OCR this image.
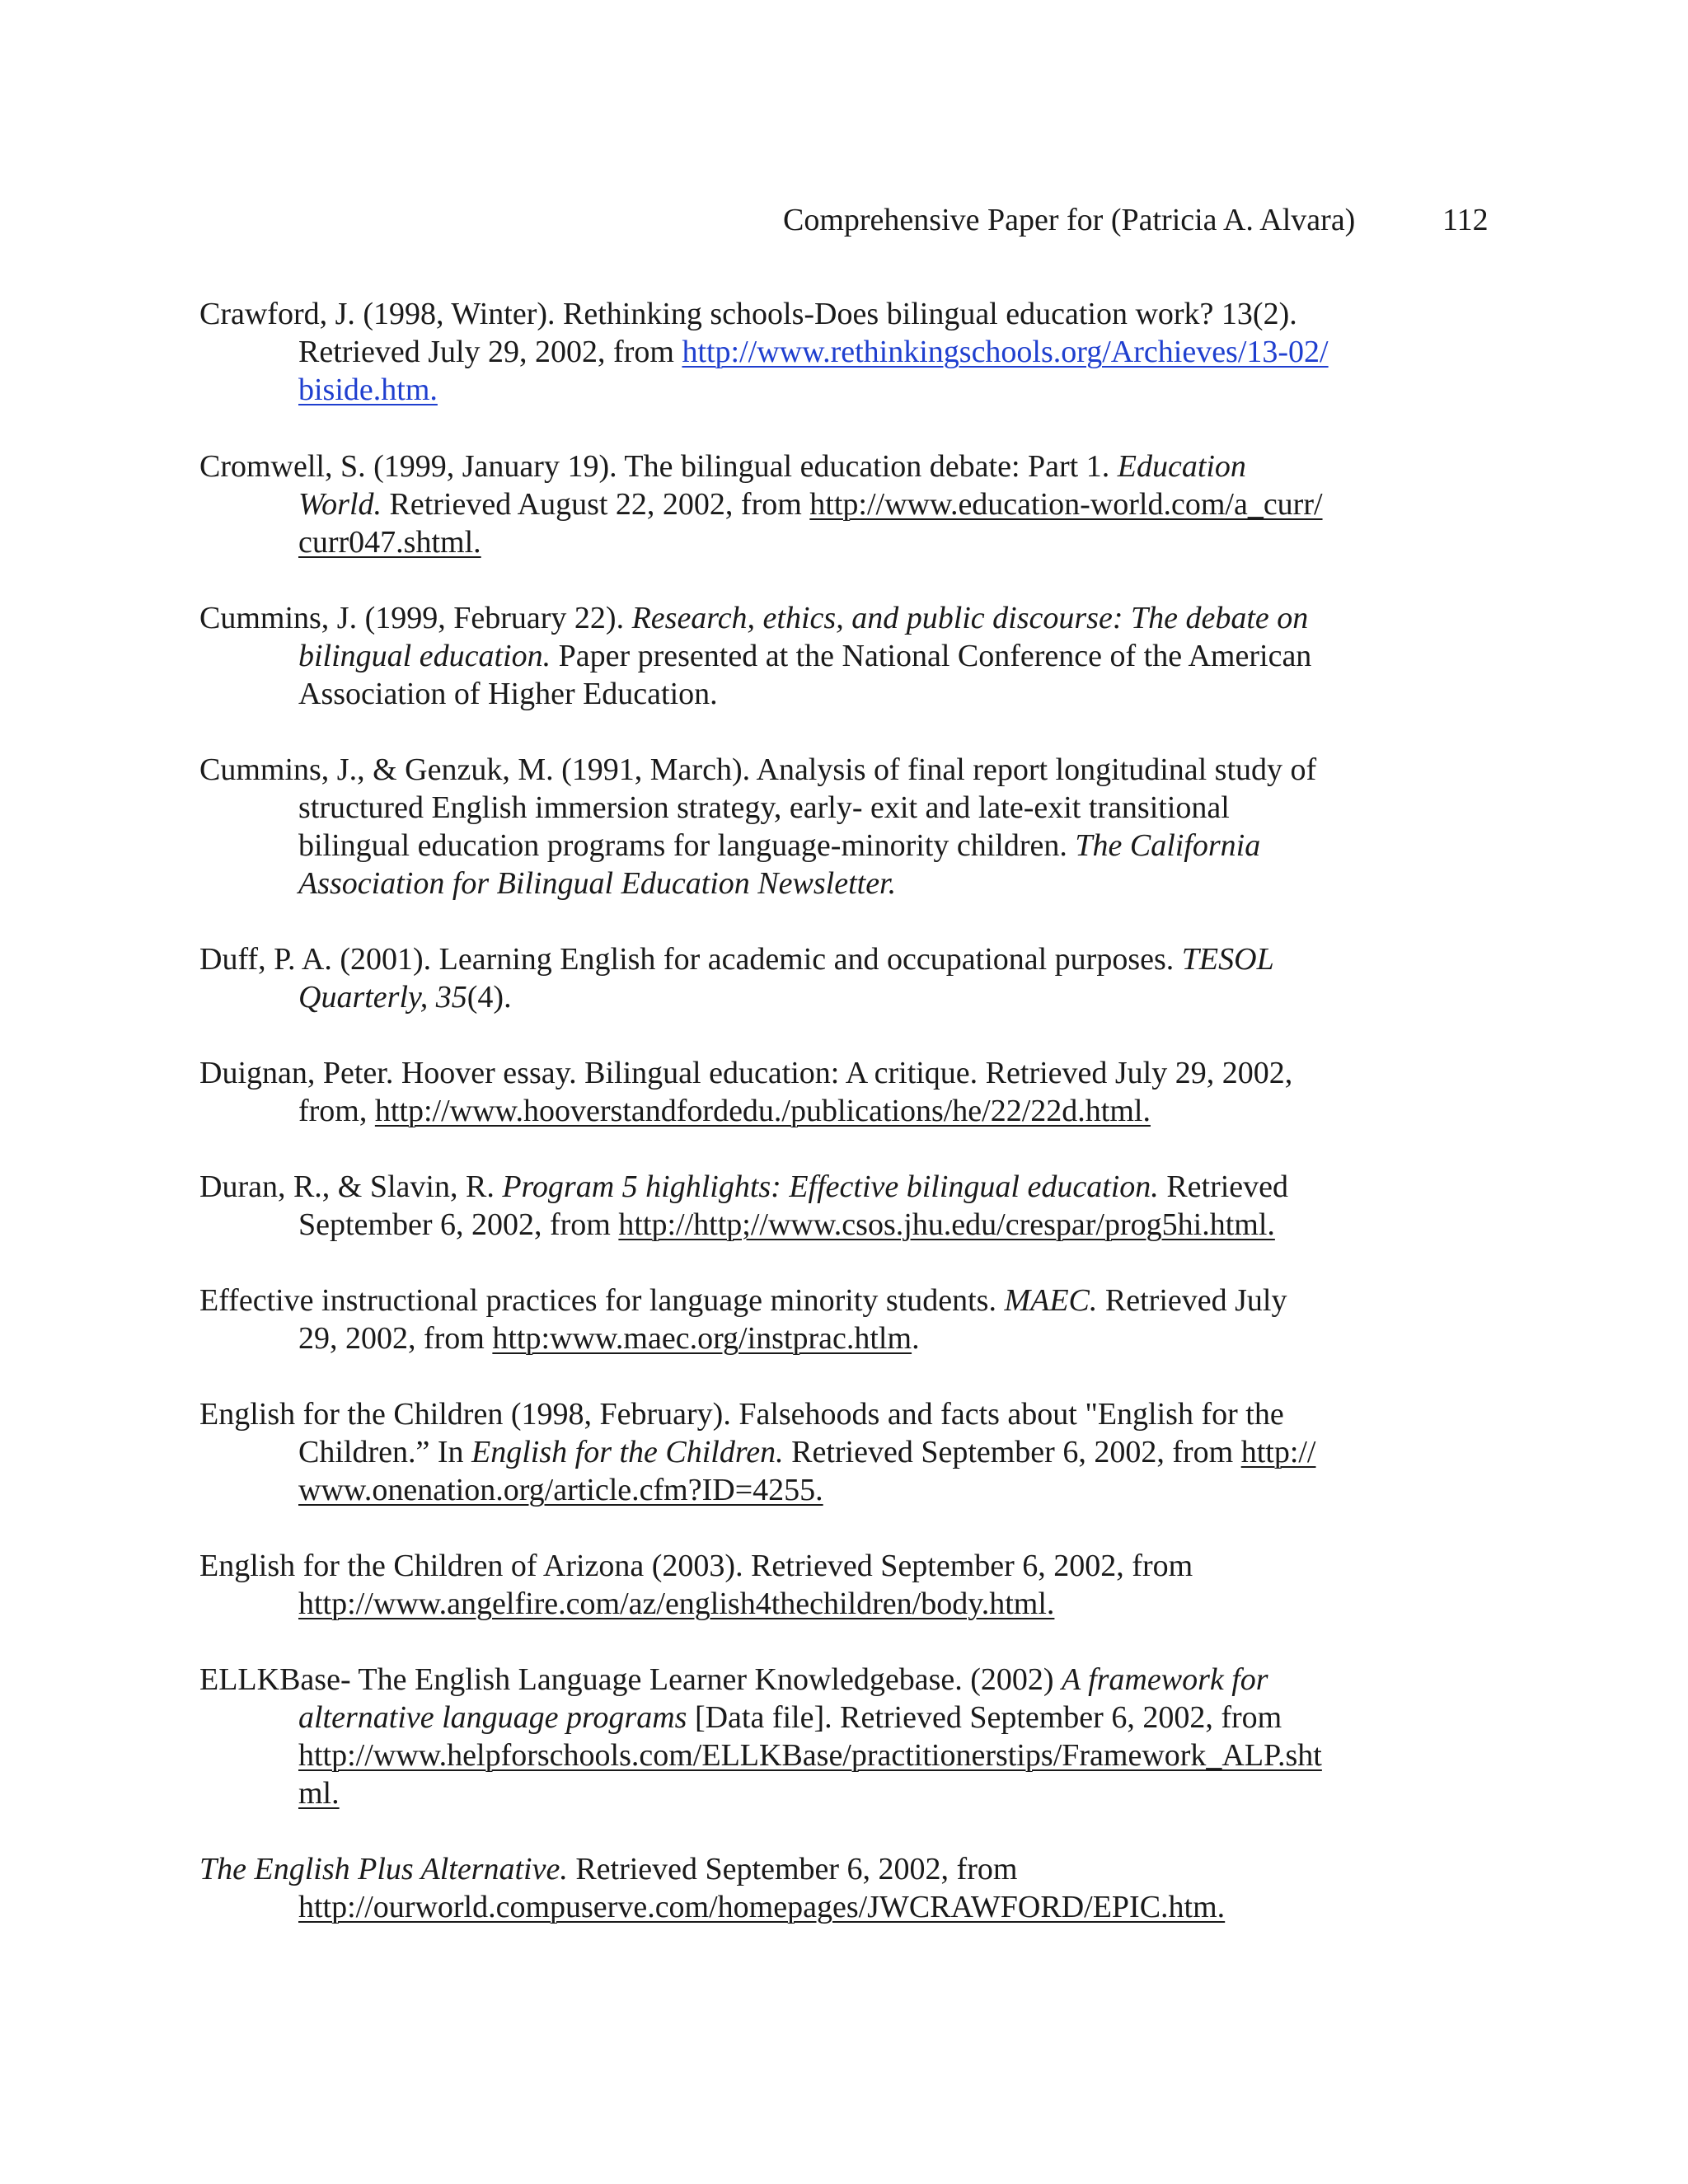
Comprehensive Paper for (Patricia A. Alvara)	112
Crawford, J. (1998, Winter). Rethinking schools-Does bilingual education work? 13(2).
Retrieved July 29, 2002, from http://www.rethinkingschools.org/Archieves/13-02/
biside.htm.
Cromwell, S. (1999, January 19). The bilingual education debate: Part 1. Education
World. Retrieved August 22, 2002, from http://www.education-world.com/a_curr/
curr047.shtml.
Cummins, J. (1999, February 22). Research, ethics, and public discourse: The debate on
bilingual education. Paper presented at the National Conference of the American
Association of Higher Education.
Cummins, J., & Genzuk, M. (1991, March). Analysis of final report longitudinal study of
structured English immersion strategy, early- exit and late-exit transitional
bilingual education programs for language-minority children. The California
Association for Bilingual Education Newsletter.
Duff, P. A. (2001). Learning English for academic and occupational purposes. TESOL
Quarterly, 35(4).
Duignan, Peter. Hoover essay. Bilingual education: A critique. Retrieved July 29, 2002,
from, http://www.hooverstandfordedu./publications/he/22/22d.html.
Duran, R., & Slavin, R. Program 5 highlights: Effective bilingual education. Retrieved
September 6, 2002, from http://http;//www.csos.jhu.edu/crespar/prog5hi.html.
Effective instructional practices for language minority students. MAEC. Retrieved July
29, 2002, from http:www.maec.org/instprac.htlm.
English for the Children (1998, February). Falsehoods and facts about "English for the
Children.” In English for the Children. Retrieved September 6, 2002, from http://
www.onenation.org/article.cfm?ID=4255.
English for the Children of Arizona (2003). Retrieved September 6, 2002, from
http://www.angelfire.com/az/english4thechildren/body.html.
ELLKBase- The English Language Learner Knowledgebase. (2002) A framework for
alternative language programs [Data file]. Retrieved September 6, 2002, from
http://www.helpforschools.com/ELLKBase/practitionerstips/Framework_ALP.sht
ml.
The English Plus Alternative. Retrieved September 6, 2002, from
http://ourworld.compuserve.com/homepages/JWCRAWFORD/EPIC.htm.
